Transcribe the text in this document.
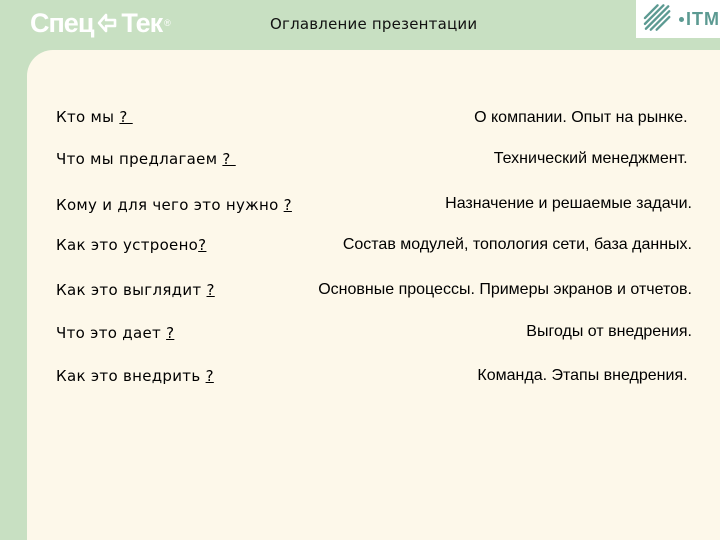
Спец Тек ®	Оглавление презентации	ITM
Кто мы ?	О компании. Опыт на рынке.
Что мы предлагаем ?	Технический менеджмент.
Кому и для чего это нужно ?	Назначение и решаемые задачи.
Как это устроено?	Состав модулей, топология сети, база данных.
Как это выглядит ?	Основные процессы. Примеры экранов и отчетов.
Что это дает ?	Выгоды от внедрения.
Как это внедрить ?	Команда. Этапы внедрения.
